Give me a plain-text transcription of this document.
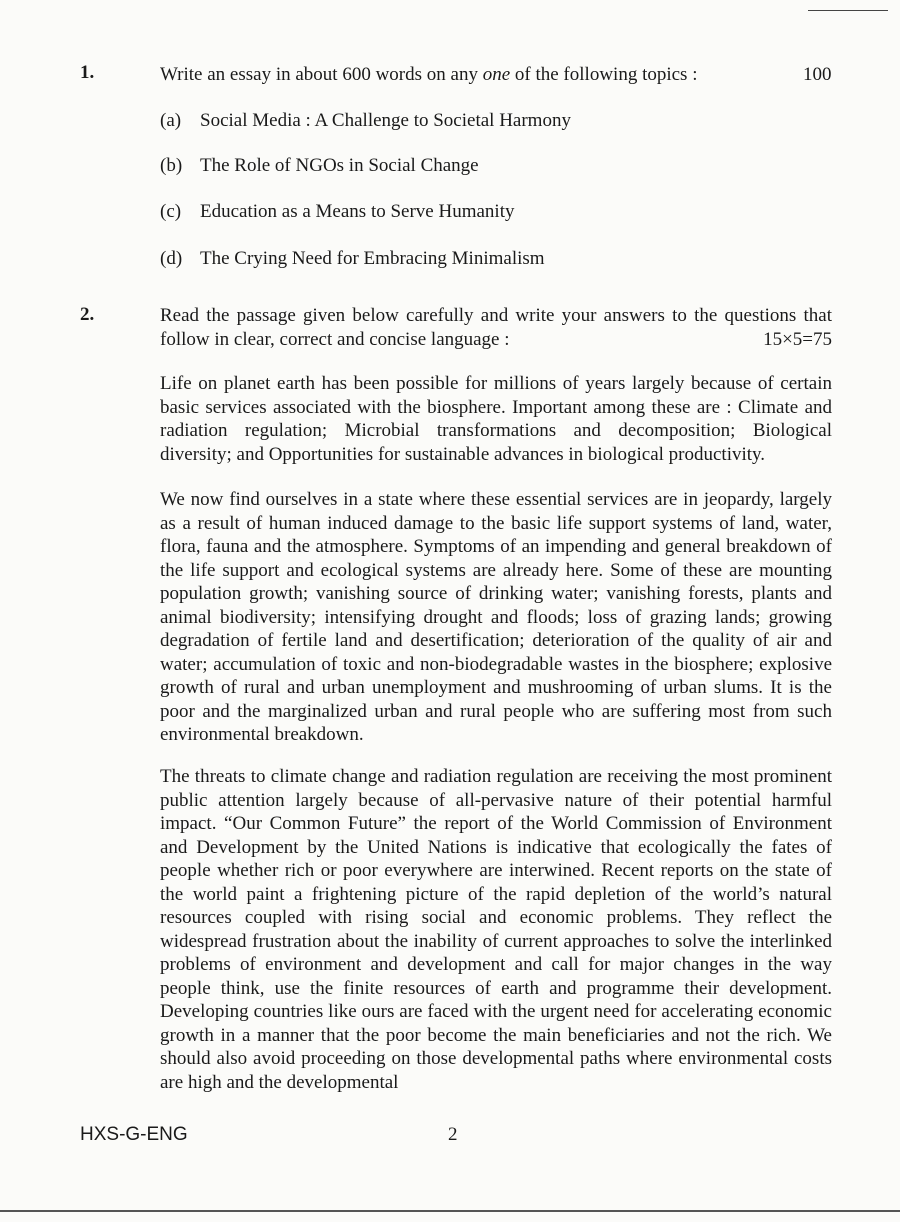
1.	Write an essay in about 600 words on any one of the following topics :	100
(a) Social Media : A Challenge to Societal Harmony
(b) The Role of NGOs in Social Change
(c) Education as a Means to Serve Humanity
(d) The Crying Need for Embracing Minimalism
2.	Read the passage given below carefully and write your answers to the questions that follow in clear, correct and concise language :	15×5=75
Life on planet earth has been possible for millions of years largely because of certain basic services associated with the biosphere. Important among these are : Climate and radiation regulation; Microbial transformations and decomposition; Biological diversity; and Opportunities for sustainable advances in biological productivity.
We now find ourselves in a state where these essential services are in jeopardy, largely as a result of human induced damage to the basic life support systems of land, water, flora, fauna and the atmosphere. Symptoms of an impending and general breakdown of the life support and ecological systems are already here. Some of these are mounting population growth; vanishing source of drinking water; vanishing forests, plants and animal biodiversity; intensifying drought and floods; loss of grazing lands; growing degradation of fertile land and desertification; deterioration of the quality of air and water; accumulation of toxic and non-biodegradable wastes in the biosphere; explosive growth of rural and urban unemployment and mushrooming of urban slums. It is the poor and the marginalized urban and rural people who are suffering most from such environmental breakdown.
The threats to climate change and radiation regulation are receiving the most prominent public attention largely because of all-pervasive nature of their potential harmful impact. “Our Common Future” the report of the World Commission of Environment and Development by the United Nations is indicative that ecologically the fates of people whether rich or poor everywhere are interwined. Recent reports on the state of the world paint a frightening picture of the rapid depletion of the world’s natural resources coupled with rising social and economic problems. They reflect the widespread frustration about the inability of current approaches to solve the interlinked problems of environment and development and call for major changes in the way people think, use the finite resources of earth and programme their development. Developing countries like ours are faced with the urgent need for accelerating economic growth in a manner that the poor become the main beneficiaries and not the rich. We should also avoid proceeding on those developmental paths where environmental costs are high and the developmental
HXS-G-ENG	2
